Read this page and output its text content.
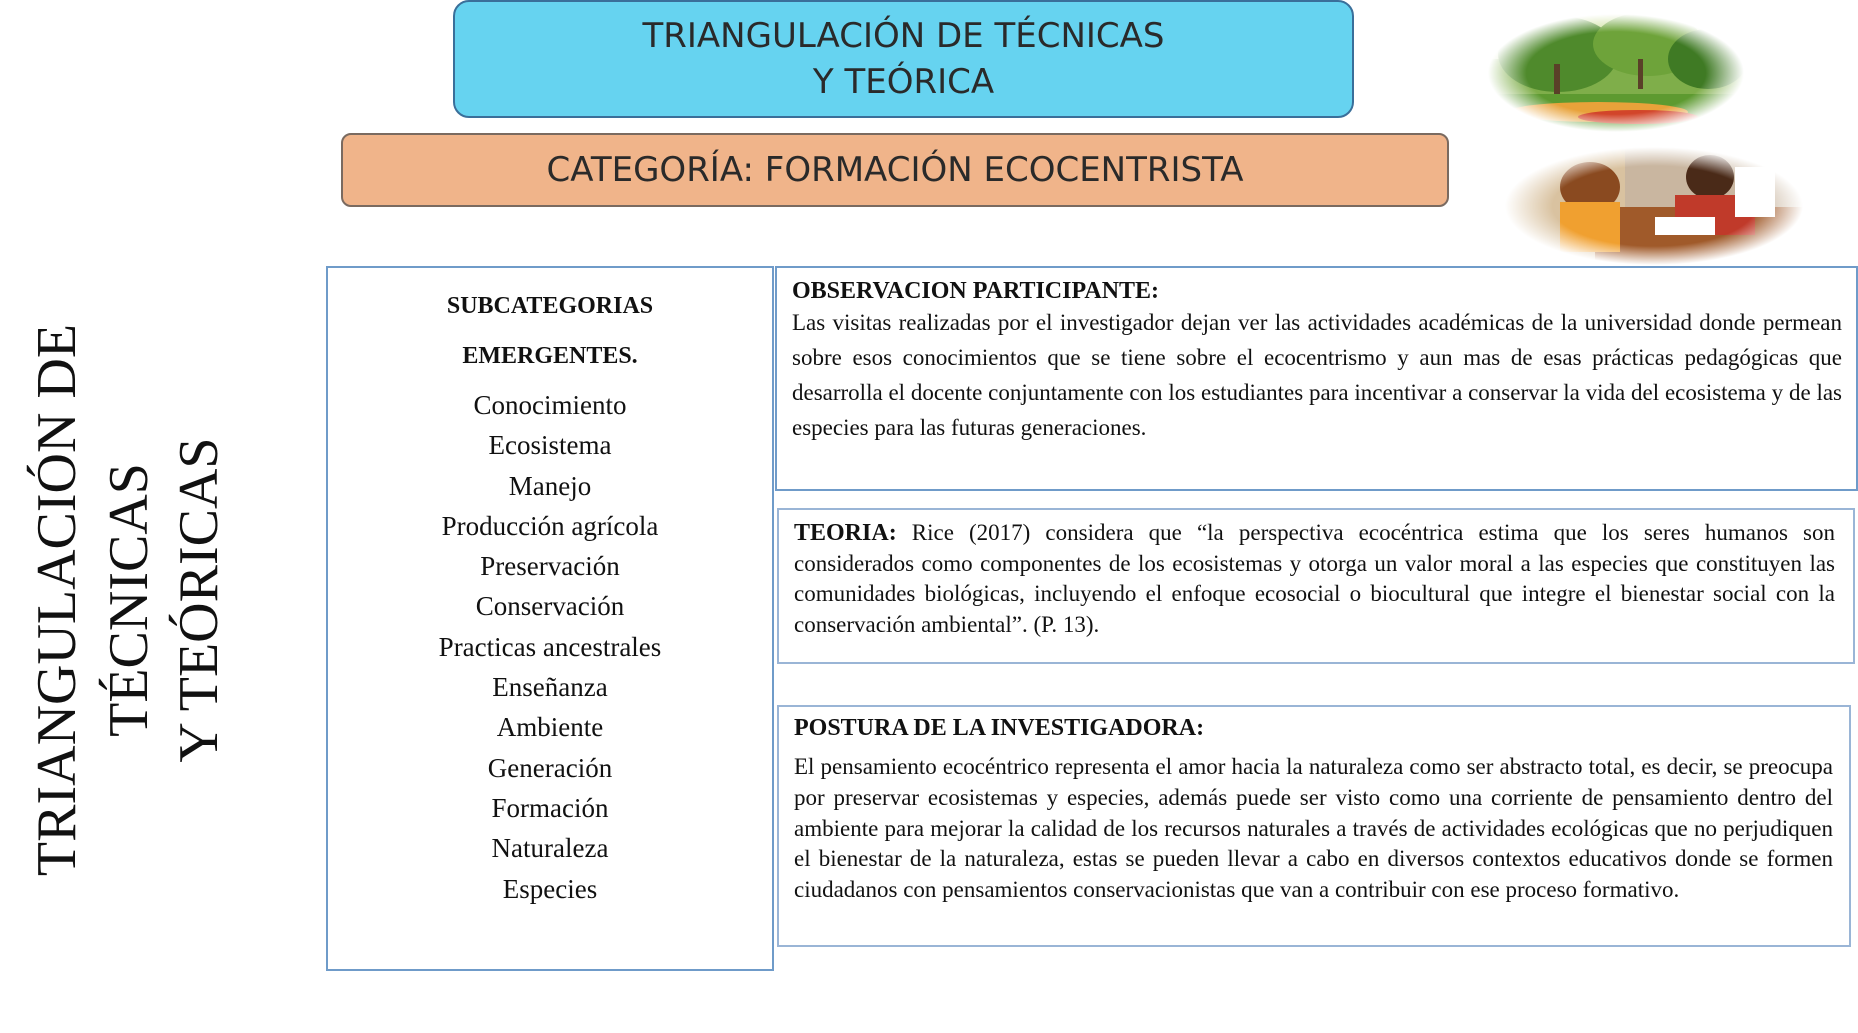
TRIANGULACIÓN DE TÉCNICAS
Y TEÓRICA
CATEGORÍA: FORMACIÓN ECOCENTRISTA
TRIANGULACIÓN DE TÉCNICAS Y TEÓRICAS
SUBCATEGORIAS
EMERGENTES.
Conocimiento
Ecosistema
Manejo
Producción agrícola
Preservación
Conservación
Practicas ancestrales
Enseñanza
Ambiente
Generación
Formación
Naturaleza
Especies
OBSERVACION PARTICIPANTE:
Las visitas realizadas por el investigador dejan ver las actividades académicas de la universidad donde permean sobre esos conocimientos que se tiene sobre el ecocentrismo y aun mas de esas prácticas pedagógicas que desarrolla el docente conjuntamente con los estudiantes para incentivar a conservar la vida del ecosistema y de las especies para las futuras generaciones.
TEORIA: Rice (2017) considera que “la perspectiva ecocéntrica estima que los seres humanos son considerados como componentes de los ecosistemas y otorga un valor moral a las especies que constituyen las comunidades biológicas, incluyendo el enfoque ecosocial o biocultural que integre el bienestar social con la conservación ambiental”. (P. 13).
POSTURA DE LA INVESTIGADORA:
El pensamiento ecocéntrico representa el amor hacia la naturaleza como ser abstracto total, es decir, se preocupa por preservar ecosistemas y especies, además puede ser visto como una corriente de pensamiento dentro del ambiente para mejorar la calidad de los recursos naturales a través de actividades ecológicas que no perjudiquen el bienestar de la naturaleza, estas se pueden llevar a cabo en diversos contextos educativos donde se formen ciudadanos con pensamientos conservacionistas que van a contribuir con ese proceso formativo.
